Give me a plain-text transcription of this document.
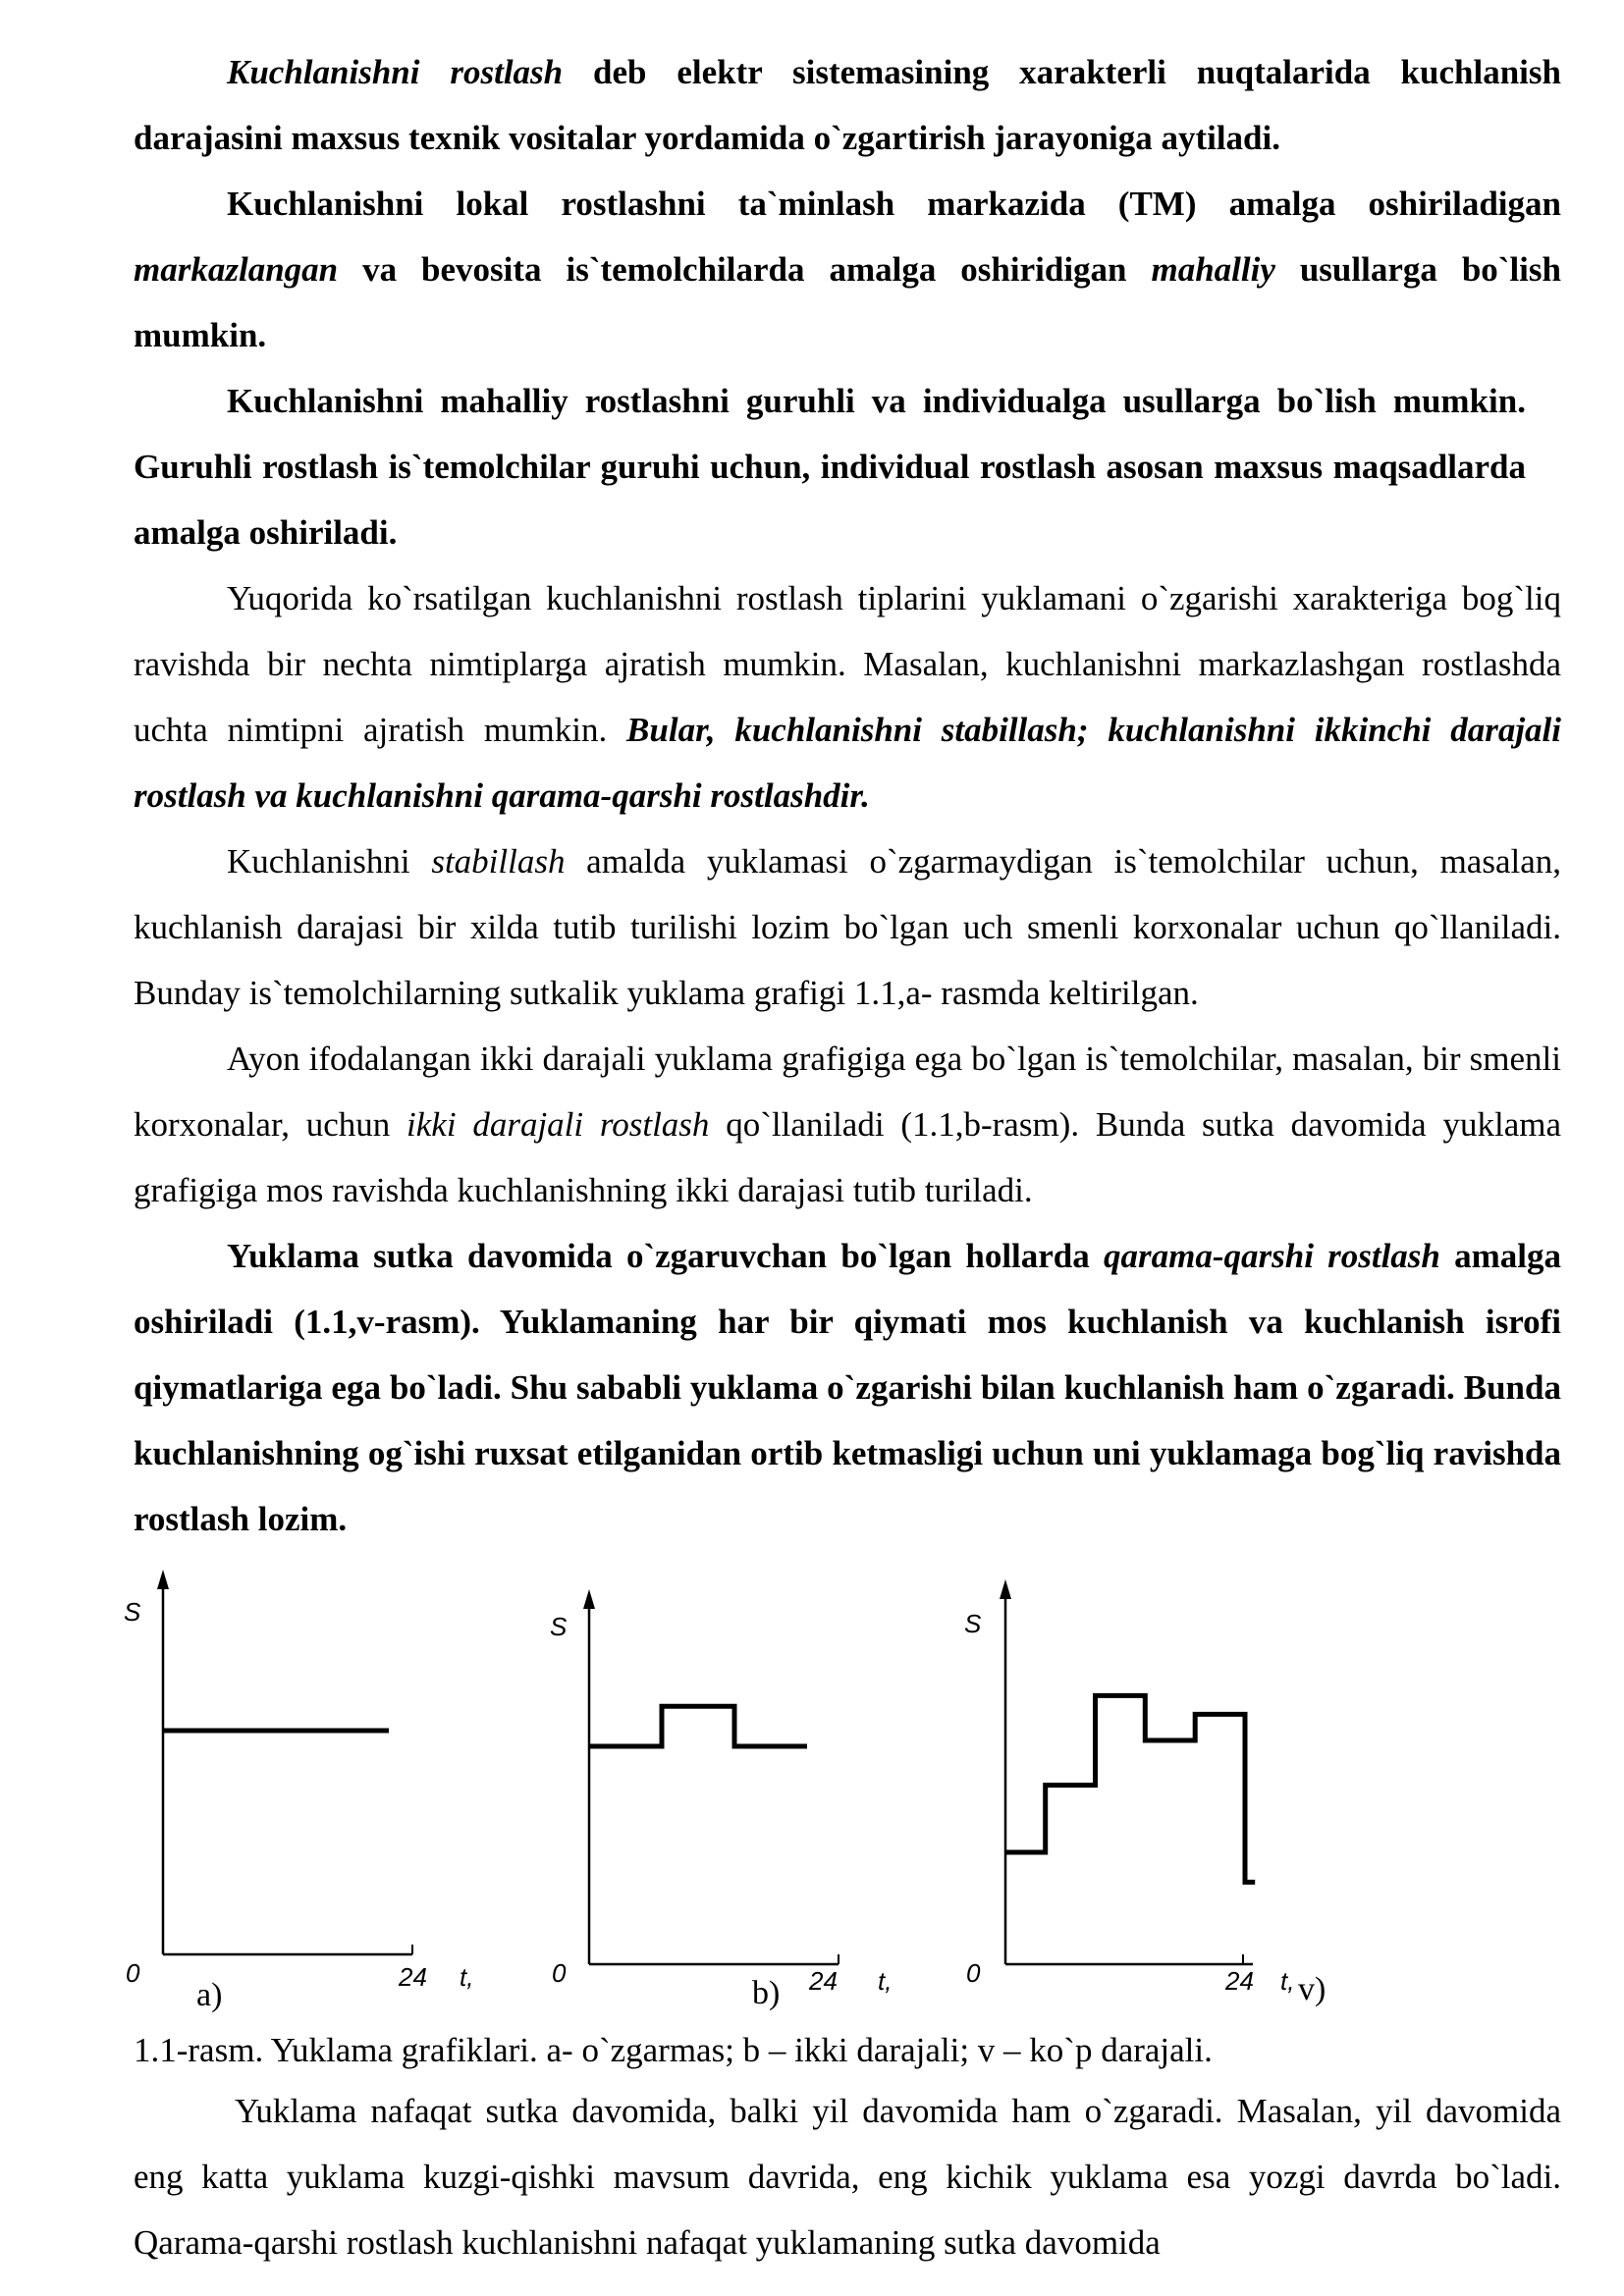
Kuchlanishni rostlash deb elektr sistemasining xarakterli nuqtalarida kuchlanish darajasini maxsus texnik vositalar yordamida o`zgartirish jarayoniga aytiladi.

Kuchlanishni lokal rostlashni ta`minlash markazida (TM) amalga oshiriladigan markazlangan va bevosita is`temolchilarda amalga oshiridigan mahalliy usullarga bo`lish mumkin.

Kuchlanishni mahalliy rostlashni guruhli va individualga usullarga bo`lish mumkin. Guruhli rostlash is`temolchilar guruhi uchun, individual rostlash asosan maxsus maqsadlarda amalga oshiriladi.

Yuqorida ko`rsatilgan kuchlanishni rostlash tiplarini yuklamani o`zgarishi xarakteriga bog`liq ravishda bir nechta nimtiplarga ajratish mumkin. Masalan, kuchlanishni markazlashgan rostlashda uchta nimtipni ajratish mumkin. Bular, kuchlanishni stabillash; kuchlanishni ikkinchi darajali rostlash va kuchlanishni qarama-qarshi rostlashdir.

Kuchlanishni stabillash amalda yuklamasi o`zgarmaydigan is`temolchilar uchun, masalan, kuchlanish darajasi bir xilda tutib turilishi lozim bo`lgan uch smenli korxonalar uchun qo`llaniladi. Bunday is`temolchilarning sutkalik yuklama grafigi 1.1,a- rasmda keltirilgan.

Ayon ifodalangan ikki darajali yuklama grafigiga ega bo`lgan is`temolchilar, masalan, bir smenli korxonalar, uchun ikki darajali rostlash qo`llaniladi (1.1,b-rasm). Bunda sutka davomida yuklama grafigiga mos ravishda kuchlanishning ikki darajasi tutib turiladi.

Yuklama sutka davomida o`zgaruvchan bo`lgan hollarda qarama-qarshi rostlash amalga oshiriladi (1.1,v-rasm). Yuklamaning har bir qiymati mos kuchlanish va kuchlanish isrofi qiymatlariga ega bo`ladi. Shu sababli yuklama o`zgarishi bilan kuchlanish ham o`zgaradi. Bunda kuchlanishning og`ishi ruxsat etilganidan ortib ketmasligi uchun uni yuklamaga bog`liq ravishda rostlash lozim.

S
0	24 t,
a)
S
0
b) 24 t,
S
0	24 t, v)

1.1-rasm. Yuklama grafiklari. a- o`zgarmas; b – ikki darajali; v – ko`p darajali.

Yuklama nafaqat sutka davomida, balki yil davomida ham o`zgaradi. Masalan, yil davomida eng katta yuklama kuzgi-qishki mavsum davrida, eng kichik yuklama esa yozgi davrda bo`ladi. Qarama-qarshi rostlash kuchlanishni nafaqat yuklamaning sutka davomida
